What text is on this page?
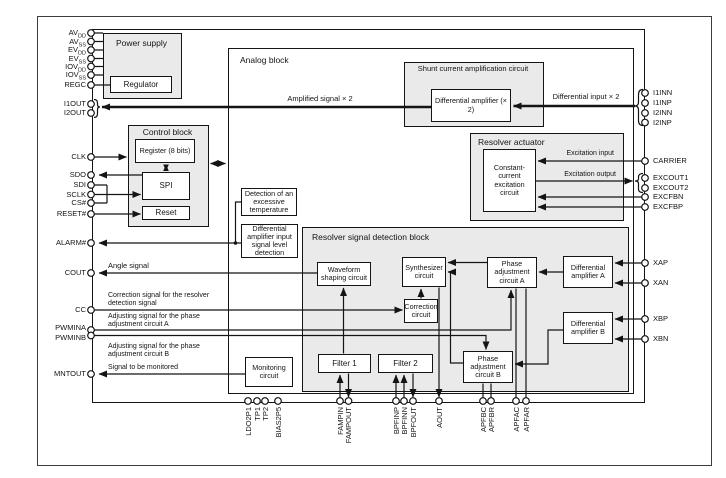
Analog block
Power supply
Regulator
Control block
Register (8 bits)
SPI
Reset
Shunt current amplification circuit
Differential amplifier (× 2)
Resolver actuator
Constant-current excitation circuit
Detection of an excessive temperature
Differential amplifier input signal level detection
Resolver signal detection block
Waveform shaping circuit
Synthesizer circuit
Correction circuit
Phase adjustment circuit A
Phase adjustment circuit B
Differential amplifier A
Differential amplifier B
Filter 1	Filter 2
Monitoring circuit
$AV_{DD}$
$AV_{SS}$
$EV_{DD}$
$EV_{SS}$
$IOV_{DD}$
$IOV_{SS}$
REGC
I1OUT
I2OUT
CLK
SDO
SDI
SCLK
CS#
RESET#
ALARM#
COUT
CC
PWMINA
PWMINB
MNTOUT
I1INN
I1INP
I2INN
I2INP
CARRIER
EXCOUT1
EXCOUT2
EXCFBN
EXCFBP
XAP
XAN
XBP
XBN
LDO2P1 TP1 TP2 BIAS2P5	FAMPIN FAMPOUT	BPFINP BPFINN BPFOUT AOUT	APFBC APFBR APFAC APFAR
Amplified signal × 2	Differential input × 2
Excitation input
Excitation output
Angle signal
Correction signal for the resolver detection signal
Adjusting signal for the phase adjustment circuit A
Adjusting signal for the phase adjustment circuit B
Signal to be monitored
